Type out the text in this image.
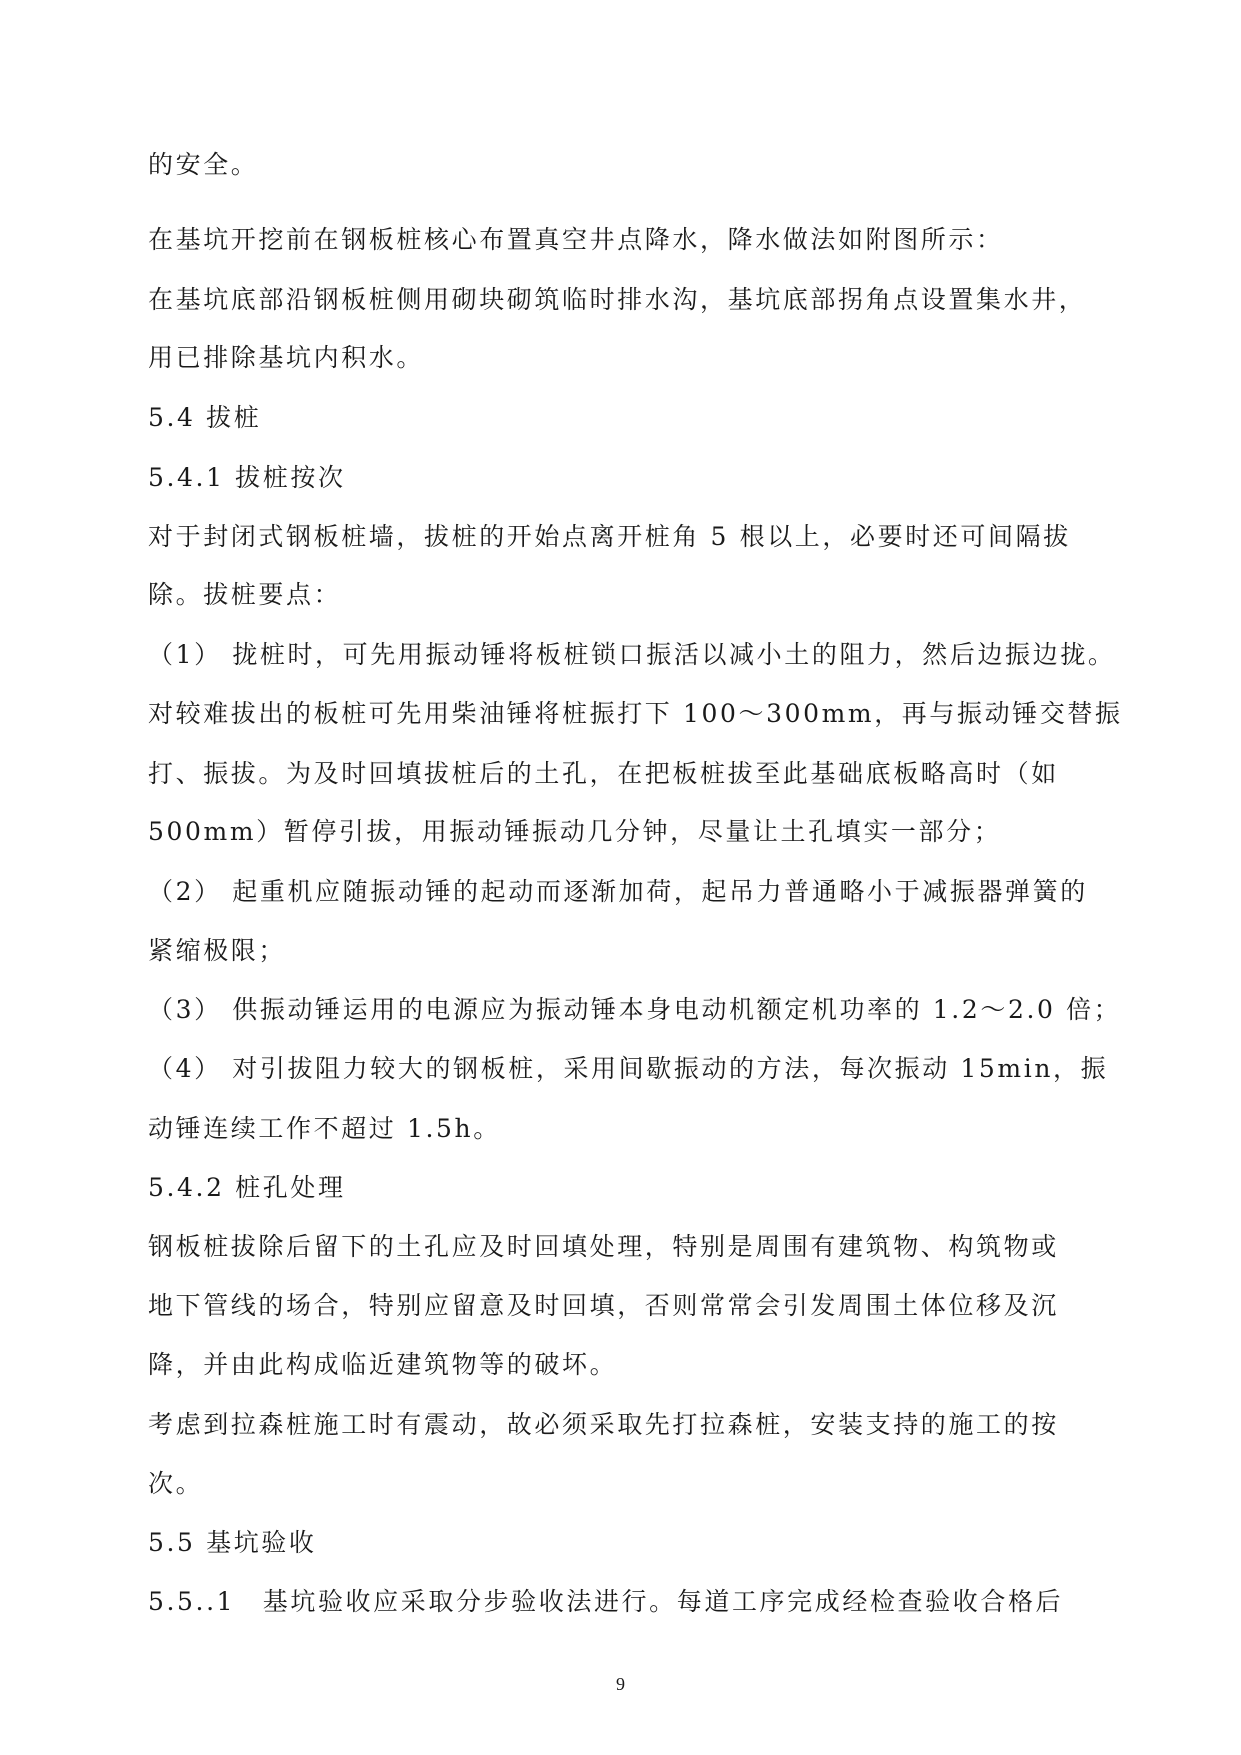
的安全。
在基坑开挖前在钢板桩核心布置真空井点降水，降水做法如附图所示：
在基坑底部沿钢板桩侧用砌块砌筑临时排水沟，基坑底部拐角点设置集水井，
用已排除基坑内积水。
5.4 拔桩
5.4.1 拔桩按次
对于封闭式钢板桩墙，拔桩的开始点离开桩角 5 根以上，必要时还可间隔拔
除。拔桩要点：
（1） 拢桩时，可先用振动锤将板桩锁口振活以减小土的阻力，然后边振边拢。
对较难拔出的板桩可先用柴油锤将桩振打下 100～300mm，再与振动锤交替振
打、振拔。为及时回填拔桩后的土孔，在把板桩拔至此基础底板略高时（如
500mm）暂停引拔，用振动锤振动几分钟，尽量让土孔填实一部分；
（2） 起重机应随振动锤的起动而逐渐加荷，起吊力普通略小于减振器弹簧的
紧缩极限；
（3） 供振动锤运用的电源应为振动锤本身电动机额定机功率的 1.2～2.0 倍；
（4） 对引拔阻力较大的钢板桩，采用间歇振动的方法，每次振动 15min，振
动锤连续工作不超过 1.5h。
5.4.2 桩孔处理
钢板桩拔除后留下的土孔应及时回填处理，特别是周围有建筑物、构筑物或
地下管线的场合，特别应留意及时回填，否则常常会引发周围土体位移及沉
降，并由此构成临近建筑物等的破坏。
考虑到拉森桩施工时有震动，故必须采取先打拉森桩，安装支持的施工的按
次。
5.5 基坑验收
5.5..1　基坑验收应采取分步验收法进行。每道工序完成经检查验收合格后
9
